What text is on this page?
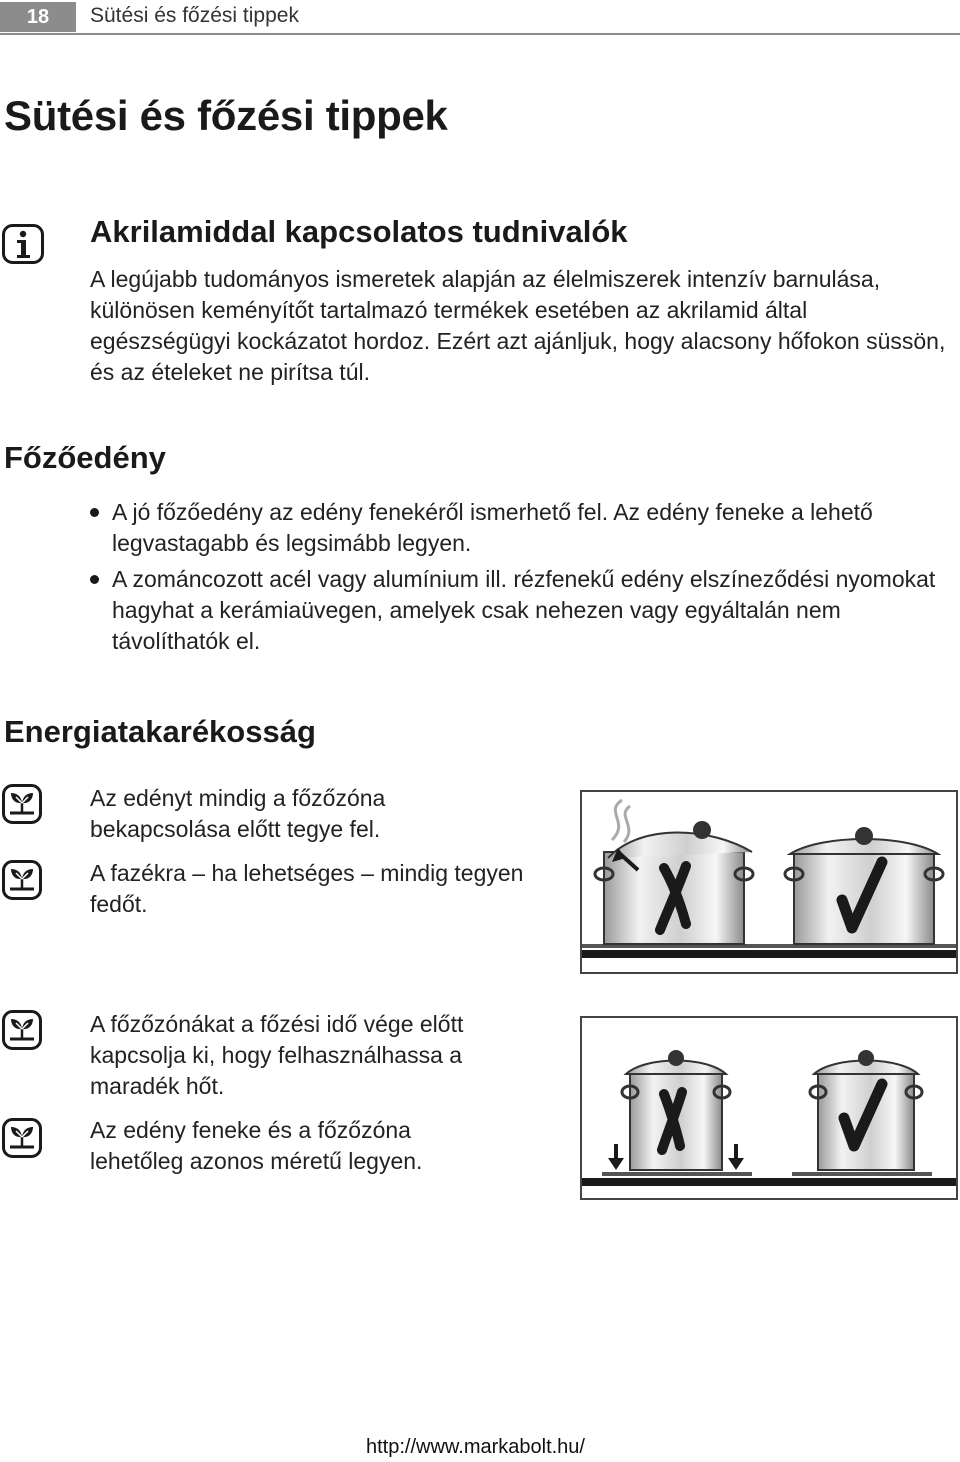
18	Sütési és főzési tippek
Sütési és főzési tippek
Akrilamiddal kapcsolatos tudnivalók

A legújabb tudományos ismeretek alapján az élelmiszerek intenzív barnulása, különösen keményítőt tartalmazó termékek esetében az akrilamid által egészségügyi kockázatot hordoz. Ezért azt ajánljuk, hogy alacsony hőfokon süssön, és az ételeket ne pirítsa túl.

Főzőedény
A jó főzőedény az edény fenekéről ismerhető fel. Az edény feneke a lehető legvastagabb és legsimább legyen.
A zománcozott acél vagy alumínium ill. rézfenekű edény elszíneződési nyomokat hagyhat a kerámiaüvegen, amelyek csak nehezen vagy egyáltalán nem távolíthatók el.
Energiatakarékosság

Az edényt mindig a főzőzóna bekapcsolása előtt tegye fel.

A fazékra – ha lehetséges – mindig tegyen fedőt.

A főzőzónákat a főzési idő vége előtt kapcsolja ki, hogy felhasználhassa a maradék hőt.

Az edény feneke és a főzőzóna lehetőleg azonos méretű legyen.

http://www.markabolt.hu/
